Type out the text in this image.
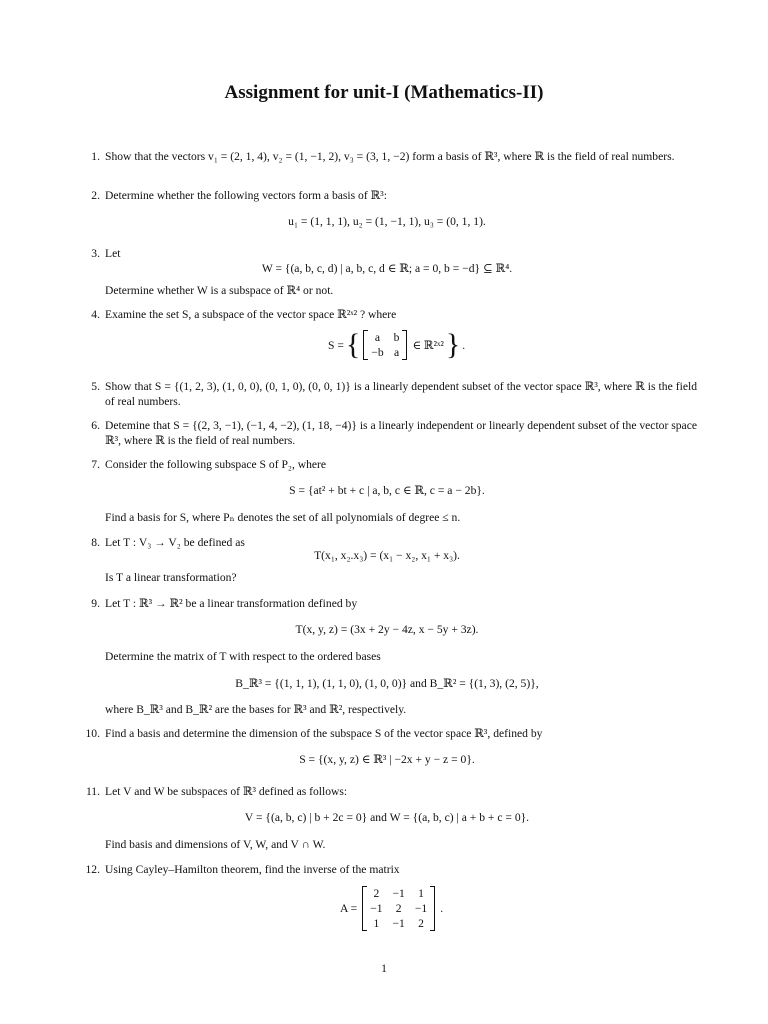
Assignment for unit-I (Mathematics-II)
1. Show that the vectors v₁ = (2, 1, 4), v₂ = (1, −1, 2), v₃ = (3, 1, −2) form a basis of ℝ³, where ℝ is the field of real numbers.
2. Determine whether the following vectors form a basis of ℝ³:
u₁ = (1, 1, 1), u₂ = (1, −1, 1), u₃ = (0, 1, 1).
3. Let
W = {(a, b, c, d) | a, b, c, d ∈ ℝ; a = 0, b = −d} ⊆ ℝ⁴.
Determine whether W is a subspace of ℝ⁴ or not.
4. Examine the set S, a subspace of the vector space ℝ²ˣ² ? where
S = {	a	b
−b a
∈ ℝ²ˣ² } .
5. Show that S = {(1, 2, 3), (1, 0, 0), (0, 1, 0), (0, 0, 1)} is a linearly dependent subset of the vector space ℝ³, where ℝ is the field of real numbers.
6. Detemine that S = {(2, 3, −1), (−1, 4, −2), (1, 18, −4)} is a linearly independent or linearly dependent subset of the vector space ℝ³, where ℝ is the field of real numbers.
7. Consider the following subspace S of P₂, where
S = {at² + bt + c | a, b, c ∈ ℝ, c = a − 2b}.
Find a basis for S, where Pₙ denotes the set of all polynomials of degree ≤ n.
8. Let T : V₃ → V₂ be defined as
T(x₁, x₂.x₃) = (x₁ − x₂, x₁ + x₃).
Is T a linear transformation?
9. Let T : ℝ³ → ℝ² be a linear transformation defined by
T(x, y, z) = (3x + 2y − 4z, x − 5y + 3z).
Determine the matrix of T with respect to the ordered bases
B_ℝ³ = {(1, 1, 1), (1, 1, 0), (1, 0, 0)} and B_ℝ² = {(1, 3), (2, 5)},
where B_ℝ³ and B_ℝ² are the bases for ℝ³ and ℝ², respectively.
10. Find a basis and determine the dimension of the subspace S of the vector space ℝ³, defined by
S = {(x, y, z) ∈ ℝ³ | −2x + y − z = 0}.
11. Let V and W be subspaces of ℝ³ defined as follows:
V = {(a, b, c) | b + 2c = 0} and W = {(a, b, c) | a + b + c = 0}.
Find basis and dimensions of V, W, and V ∩ W.
12. Using Cayley–Hamilton theorem, find the inverse of the matrix
A =
2	−1	1
−1	2	−1
1	−1	2
.
1
